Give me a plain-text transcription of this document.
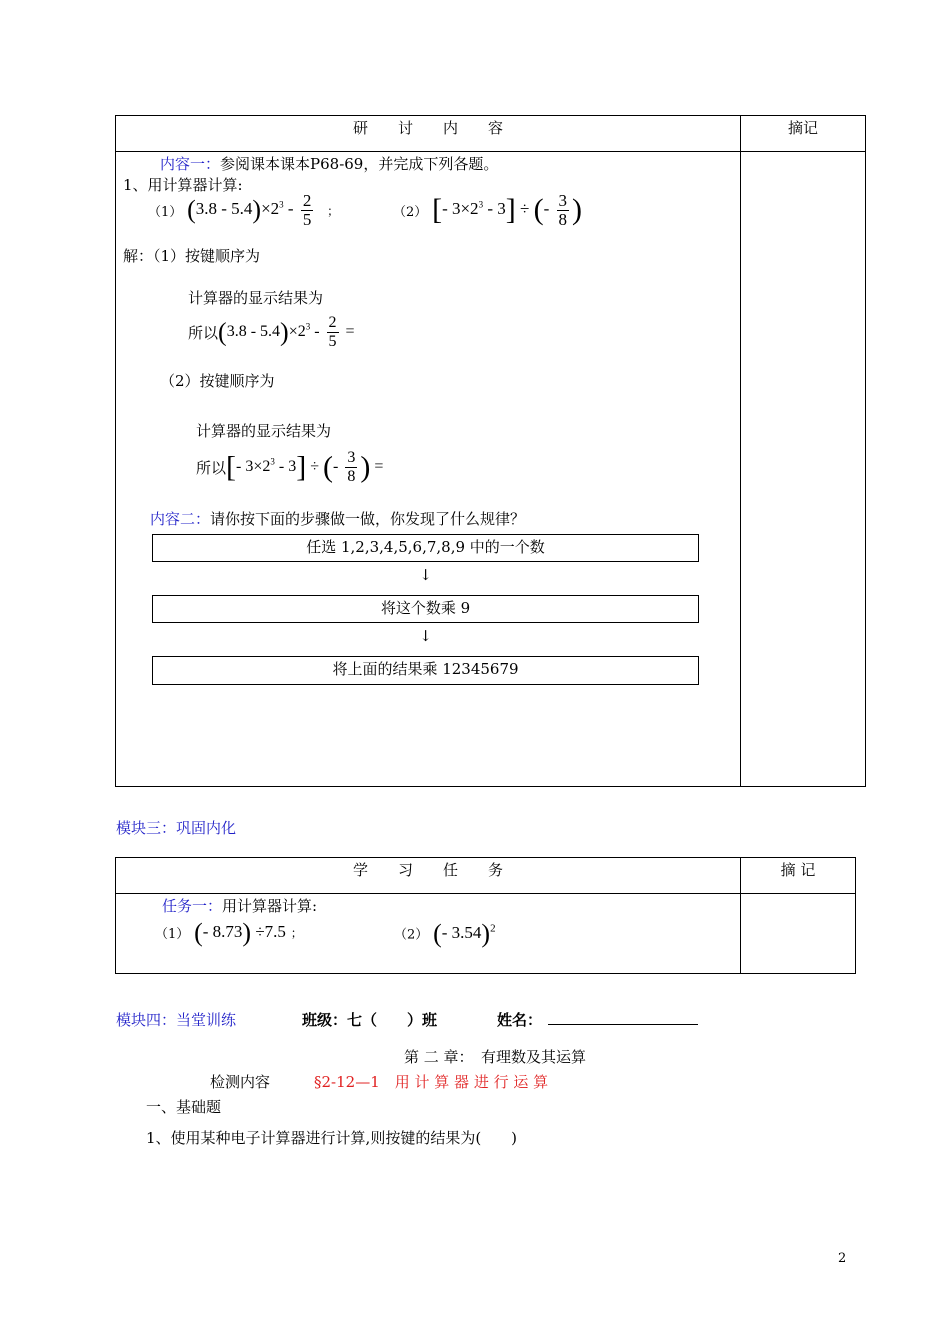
研　　讨　　内　　容	摘记
内容一：参阅课本课本P68-69，并完成下列各题。
1、用计算器计算:
（1） $(3.8 - 5.4)\times 2^3 - \frac{2}{5}$ ；	（2） [- $3\times 2^3 - 3$] ÷ (- $\frac{3}{8}$ )
解：（1）按键顺序为
计算器的显示结果为
所以$(3.8 - 5.4)\times 2^3 - \frac{2}{5}$ =
（2）按键顺序为
计算器的显示结果为
所以[- $3\times 2^3 - 3$] ÷ (- $\frac{3}{8}$ ) =
内容二：请你按下面的步骤做一做，你发现了什么规律？
任选 1,2,3,4,5,6,7,8,9 中的一个数
↓
将这个数乘 9
↓
将上面的结果乘 12345679
模块三：巩固内化
学　　习　　任　　务	摘 记
任务一：用计算器计算:
（1） (- 8.73) ÷7.5 ；	（2） (- 3.54)$^2$
模块四：当堂训练	班级：七（　　）班	姓名：
第 二 章：　有理数及其运算
检测内容	§2-12—1　用 计 算 器 进 行 运 算
一、基础题
1、使用某种电子计算器进行计算,则按键的结果为(　　)
2
